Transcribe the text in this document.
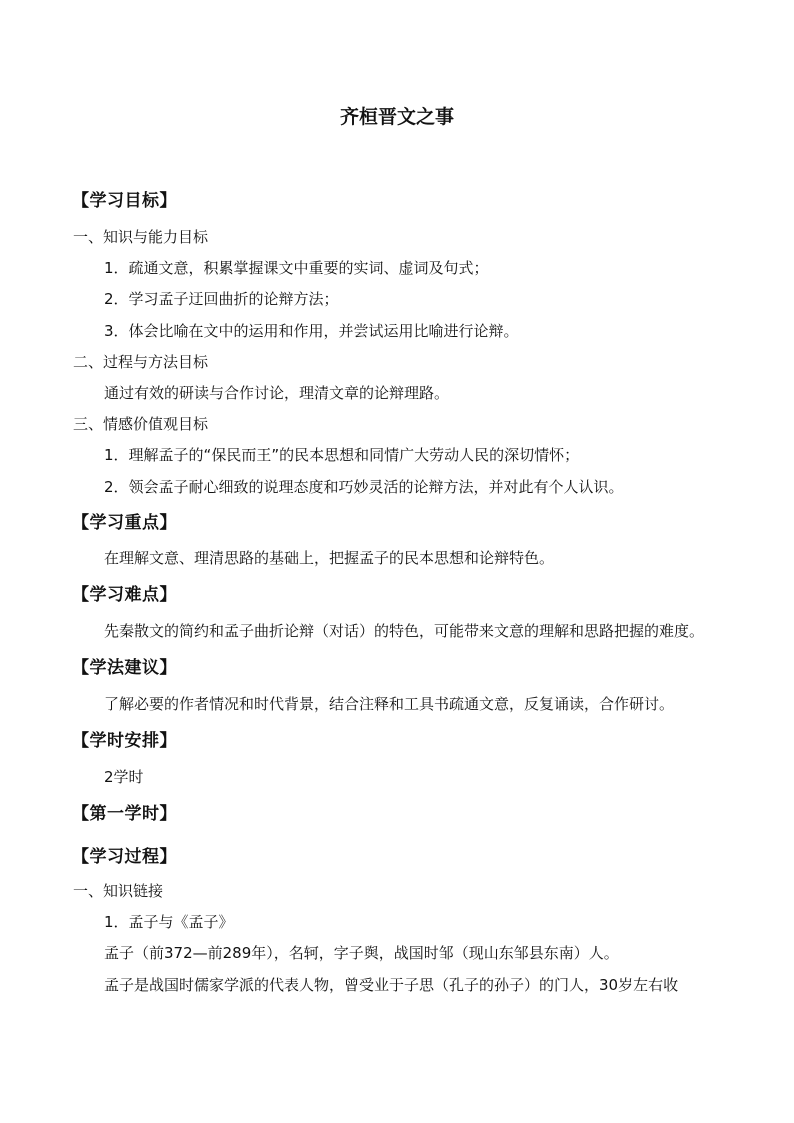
齐桓晋文之事
【学习目标】
一、知识与能力目标
1．疏通文意，积累掌握课文中重要的实词、虚词及句式；
2．学习孟子迂回曲折的论辩方法；
3．体会比喻在文中的运用和作用，并尝试运用比喻进行论辩。
二、过程与方法目标
通过有效的研读与合作讨论，理清文章的论辩理路。
三、情感价值观目标
1．理解孟子的“保民而王”的民本思想和同情广大劳动人民的深切情怀；
2．领会孟子耐心细致的说理态度和巧妙灵活的论辩方法，并对此有个人认识。
【学习重点】
在理解文意、理清思路的基础上，把握孟子的民本思想和论辩特色。
【学习难点】
先秦散文的简约和孟子曲折论辩（对话）的特色，可能带来文意的理解和思路把握的难度。
【学法建议】
了解必要的作者情况和时代背景，结合注释和工具书疏通文意，反复诵读，合作研讨。
【学时安排】
2学时
【第一学时】
【学习过程】
一、知识链接
1．孟子与《孟子》
孟子（前372—前289年），名轲，字子舆，战国时邹（现山东邹县东南）人。
孟子是战国时儒家学派的代表人物，曾受业于子思（孔子的孙子）的门人，30岁左右收
